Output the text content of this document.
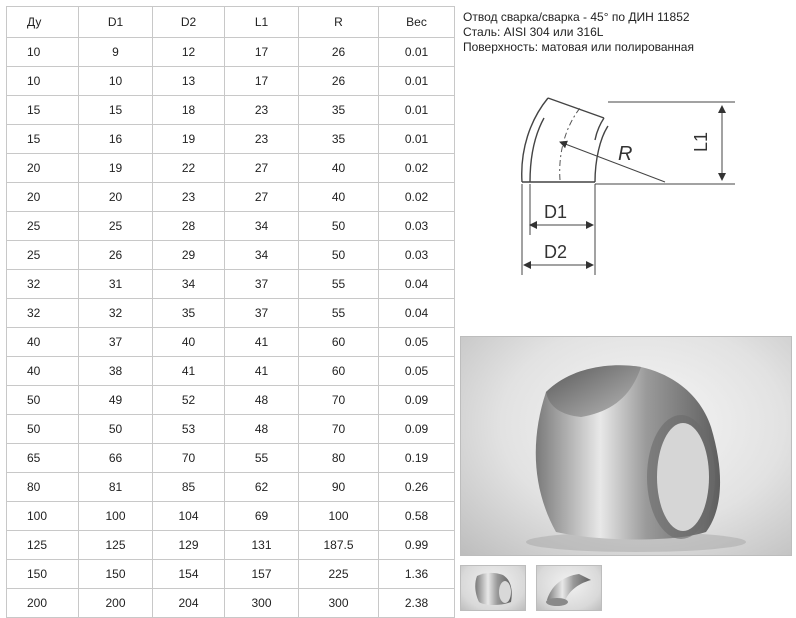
Ду	D1	D2	L1	R	Вес
10	9	12	17	26	0.01
10	10	13	17	26	0.01
15	15	18	23	35	0.01
15	16	19	23	35	0.01
20	19	22	27	40	0.02
20	20	23	27	40	0.02
25	25	28	34	50	0.03
25	26	29	34	50	0.03
32	31	34	37	55	0.04
32	32	35	37	55	0.04
40	37	40	41	60	0.05
40	38	41	41	60	0.05
50	49	52	48	70	0.09
50	50	53	48	70	0.09
65	66	70	55	80	0.19
80	81	85	62	90	0.26
100	100	104	69	100	0.58
125	125	129	131	187.5	0.99
150	150	154	157	225	1.36
200	200	204	300	300	2.38
Отвод сварка/сварка - 45° по ДИН 11852
Сталь: AISI 304 или 316L
Поверхность: матовая или полированная
R
L1
D1
D2
